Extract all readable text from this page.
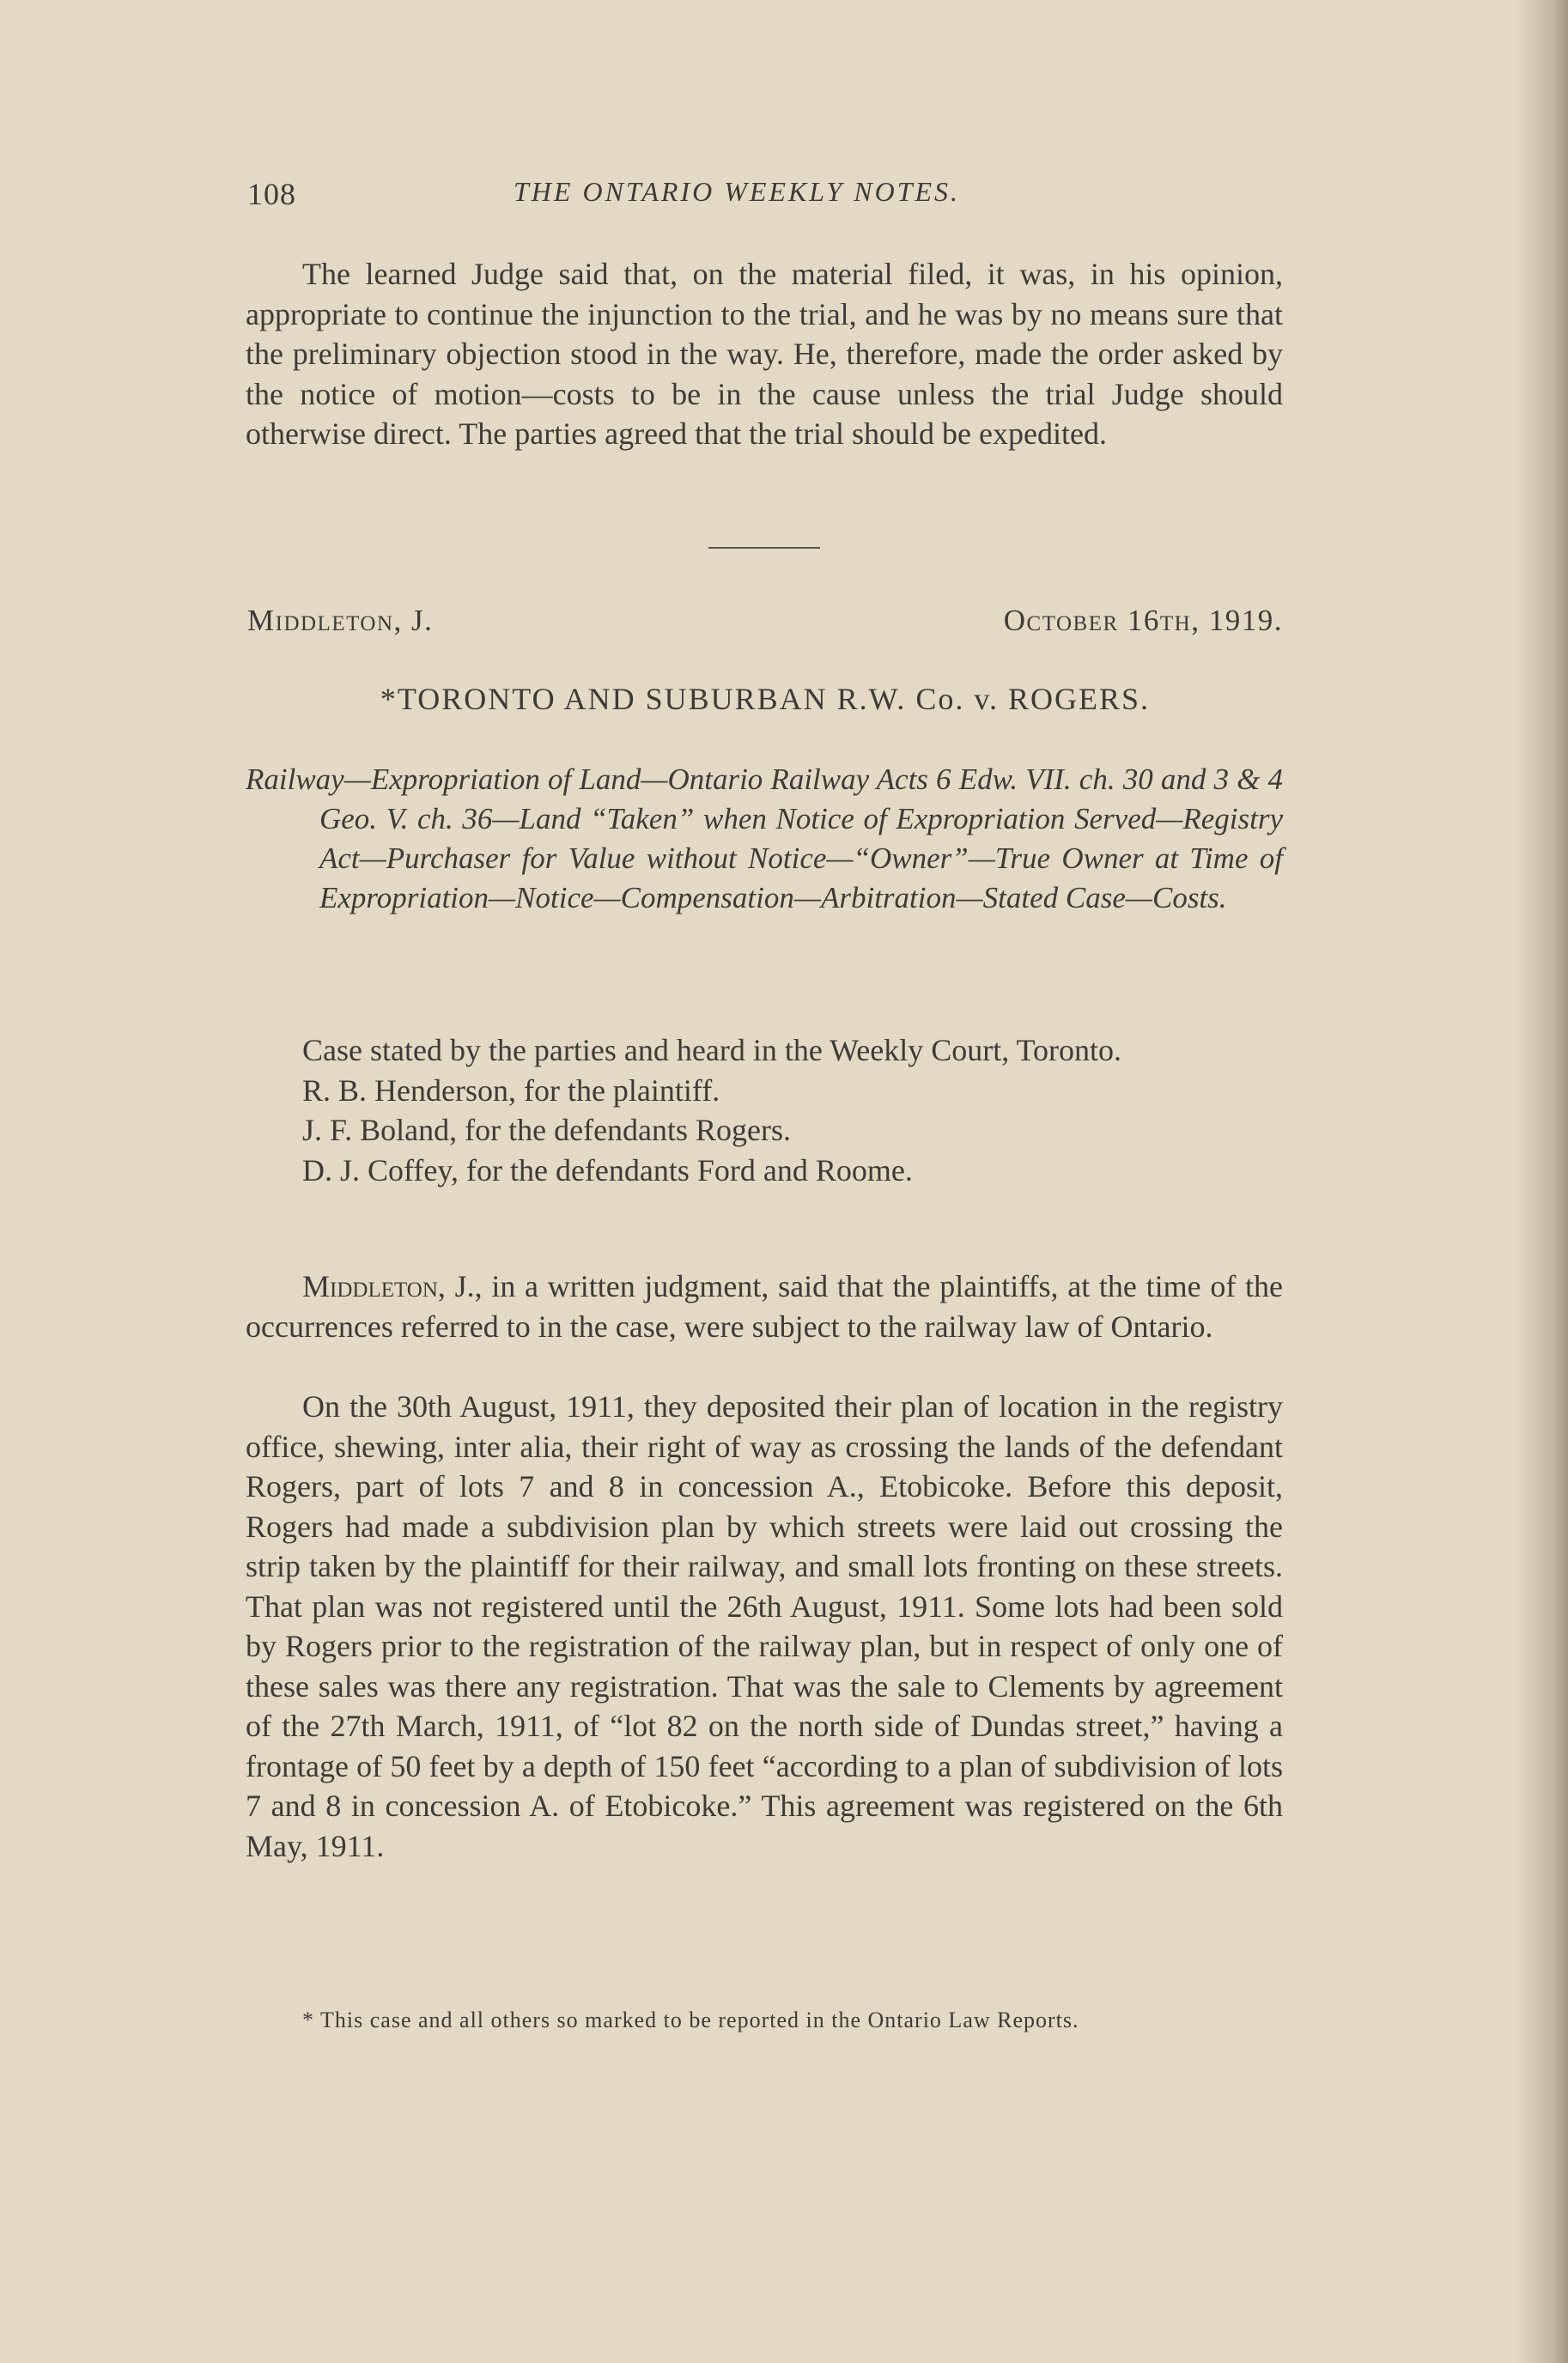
108	THE ONTARIO WEEKLY NOTES.

The learned Judge said that, on the material filed, it was, in his opinion, appropriate to continue the injunction to the trial, and he was by no means sure that the preliminary objection stood in the way. He, therefore, made the order asked by the notice of motion—costs to be in the cause unless the trial Judge should otherwise direct. The parties agreed that the trial should be expedited.

Middleton, J.	October 16th, 1919.
*TORONTO AND SUBURBAN R.W. Co. v. ROGERS.

Railway—Expropriation of Land—Ontario Railway Acts 6 Edw. VII. ch. 30 and 3 & 4 Geo. V. ch. 36—Land “Taken” when Notice of Expropriation Served—Registry Act—Purchaser for Value without Notice—“Owner”—True Owner at Time of Expropriation—Notice—Compensation—Arbitration—Stated Case—Costs.

Case stated by the parties and heard in the Weekly Court, Toronto.

R. B. Henderson, for the plaintiff.

J. F. Boland, for the defendants Rogers.

D. J. Coffey, for the defendants Ford and Roome.

Middleton, J., in a written judgment, said that the plaintiffs, at the time of the occurrences referred to in the case, were subject to the railway law of Ontario.

On the 30th August, 1911, they deposited their plan of location in the registry office, shewing, inter alia, their right of way as crossing the lands of the defendant Rogers, part of lots 7 and 8 in concession A., Etobicoke. Before this deposit, Rogers had made a subdivision plan by which streets were laid out crossing the strip taken by the plaintiff for their railway, and small lots fronting on these streets. That plan was not registered until the 26th August, 1911. Some lots had been sold by Rogers prior to the registration of the railway plan, but in respect of only one of these sales was there any registration. That was the sale to Clements by agreement of the 27th March, 1911, of “lot 82 on the north side of Dundas street,” having a frontage of 50 feet by a depth of 150 feet “according to a plan of subdivision of lots 7 and 8 in concession A. of Etobicoke.” This agreement was registered on the 6th May, 1911.

* This case and all others so marked to be reported in the Ontario Law Reports.
